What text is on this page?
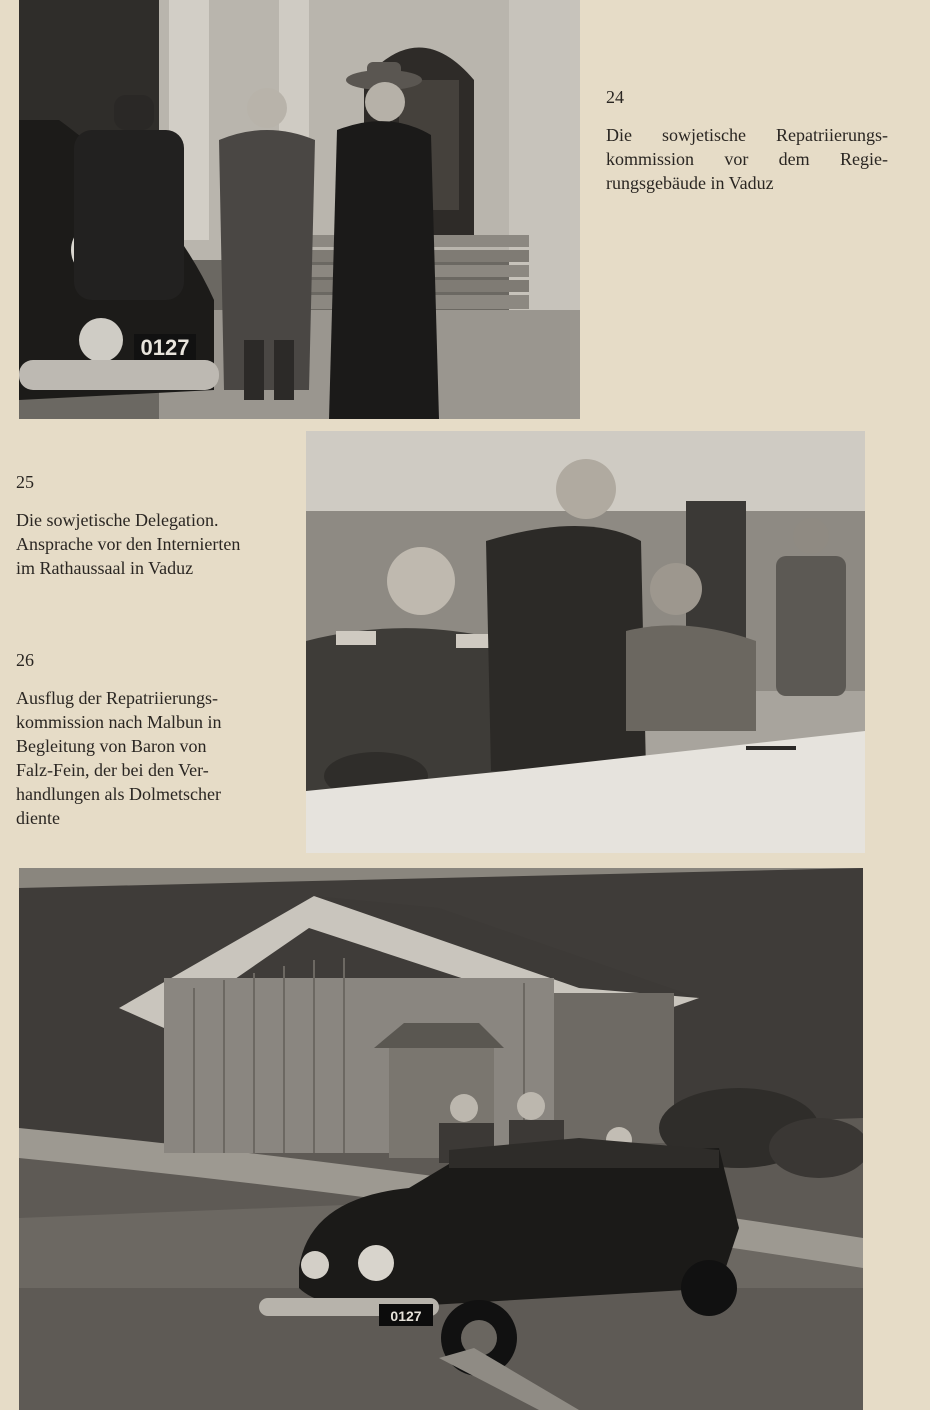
0127
24
Die sowjetische Repatriierungs-
kommission vor dem Regie-
rungsgebäude in Vaduz
25
Die sowjetische Delegation.
Ansprache vor den Internierten
im Rathaussaal in Vaduz
26
Ausflug der Repatriierungs-
kommission nach Malbun in
Begleitung von Baron von
Falz-Fein, der bei den Ver-
handlungen als Dolmetscher
diente
0127
